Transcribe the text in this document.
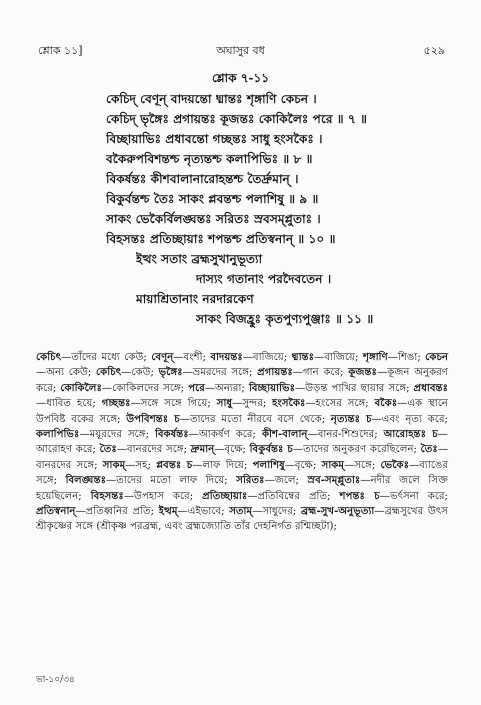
শ্লোক ১১]	অঘাসুর বধ	৫২৯
শ্লোক ৭-১১
কেচিদ্ বেণূন্ বাদয়ন্তো ধ্মান্তঃ শৃঙ্গাণি কেচন ।
কেচিদ্ ভৃঙ্গৈঃ প্রগায়ন্তঃ কূজন্তঃ কোকিলৈঃ পরে ॥ ৭ ॥
বিচ্ছায়াভিঃ প্রধাবন্তো গচ্ছন্তঃ সাধু হংসকৈঃ ।
বকৈরুপবিশন্তশ্চ নৃত্যন্তশ্চ কলাপিভিঃ ॥ ৮ ॥
বিকর্ষন্তঃ কীশবালানারোহন্তশ্চ তৈর্দ্রুমান্ ।
বিকুর্বন্তশ্চ তৈঃ সাকং প্লবন্তশ্চ পলাশিষু ॥ ৯ ॥
সাকং ভেকৈর্বিলঙ্ঘন্তঃ সরিতঃ স্রবসম্প্লুতাঃ ।
বিহসন্তঃ প্রতিচ্ছায়াঃ শপন্তশ্চ প্রতিস্বনান্ ॥ ১০ ॥
ইত্থং সতাং ব্রহ্মসুখানুভূত্যা
দাস্যং গতানাং পরদৈবতেন ।
মায়াশ্রিতানাং নরদারকেণ
সাকং বিজহ্রুঃ কৃতপুণ্যপুঞ্জাঃ ॥ ১১ ॥
কেচিৎ—তাঁদের মধ্যে কেউ; বেণূন্—বংশী; বাদয়ন্তঃ—বাজিয়ে; ধ্মান্তঃ—বাজিয়ে; শৃঙ্গাণি—শিঙা; কেচন—অন্য কেউ; কেচিৎ—কেউ; ভৃঙ্গৈঃ—ভ্রমরদের সঙ্গে; প্রগায়ন্তঃ—গান করে; কূজন্তঃ—কূজন অনুকরণ করে; কোকিলৈঃ—কোকিলদের সঙ্গে; পরে—অন্যরা; বিচ্ছায়াভিঃ—উড়ন্ত পাখির ছায়ার সঙ্গে; প্রধাবন্তঃ—ধাবিত হয়ে; গচ্ছন্তঃ—সঙ্গে সঙ্গে গিয়ে; সাধু—সুন্দর; হংসকৈঃ—হংসের সঙ্গে; বকৈঃ—এক স্থানে উপবিষ্ট বকের সঙ্গে; উপবিশন্তঃ চ—তাদের মতো নীরবে বসে থেকে; নৃত্যন্তঃ চ—এবং নৃত্য করে; কলাপিভিঃ—ময়ূরদের সঙ্গে; বিকর্ষন্তঃ—আকর্ষণ করে; কীশ-বালান্—বানর-শিশুদের; আরোহন্তঃ চ—আরোহণ করে; তৈঃ—বানরদের সঙ্গে; দ্রুমান্—বৃক্ষে; বিকুর্বন্তঃ চ—তাদের অনুকরণ করেছিলেন; তৈঃ—বানরদের সঙ্গে; সাকম্—সহ; প্লবন্তঃ চ—লাফ দিয়ে; পলাশিষু—বৃক্ষে; সাকম্—সঙ্গে; ভেকৈঃ—ব্যাঙের সঙ্গে; বিলঙ্ঘন্তঃ—তাদের মতো লাফ দিয়ে; সরিতঃ—জলে; স্রব-সম্প্লুতাঃ—নদীর জলে সিক্ত হয়েছিলেন; বিহসন্তঃ—উপহাস করে; প্রতিচ্ছায়াঃ—প্রতিবিম্বের প্রতি; শপন্তঃ চ—ভর্ৎসনা করে; প্রতিস্বনান্—প্রতিধ্বনির প্রতি; ইত্থম্—এইভাবে; সতাম্—সাধুদের; ব্রহ্ম-সুখ-অনুভূত্যা—ব্রহ্মসুখের উৎস শ্রীকৃষ্ণের সঙ্গে (শ্রীকৃষ্ণ পরব্রহ্ম, এবং ব্রহ্মজ্যোতি তাঁর দেহনির্গত রশ্মিচ্ছটা);
ভা-১০/৩৪
